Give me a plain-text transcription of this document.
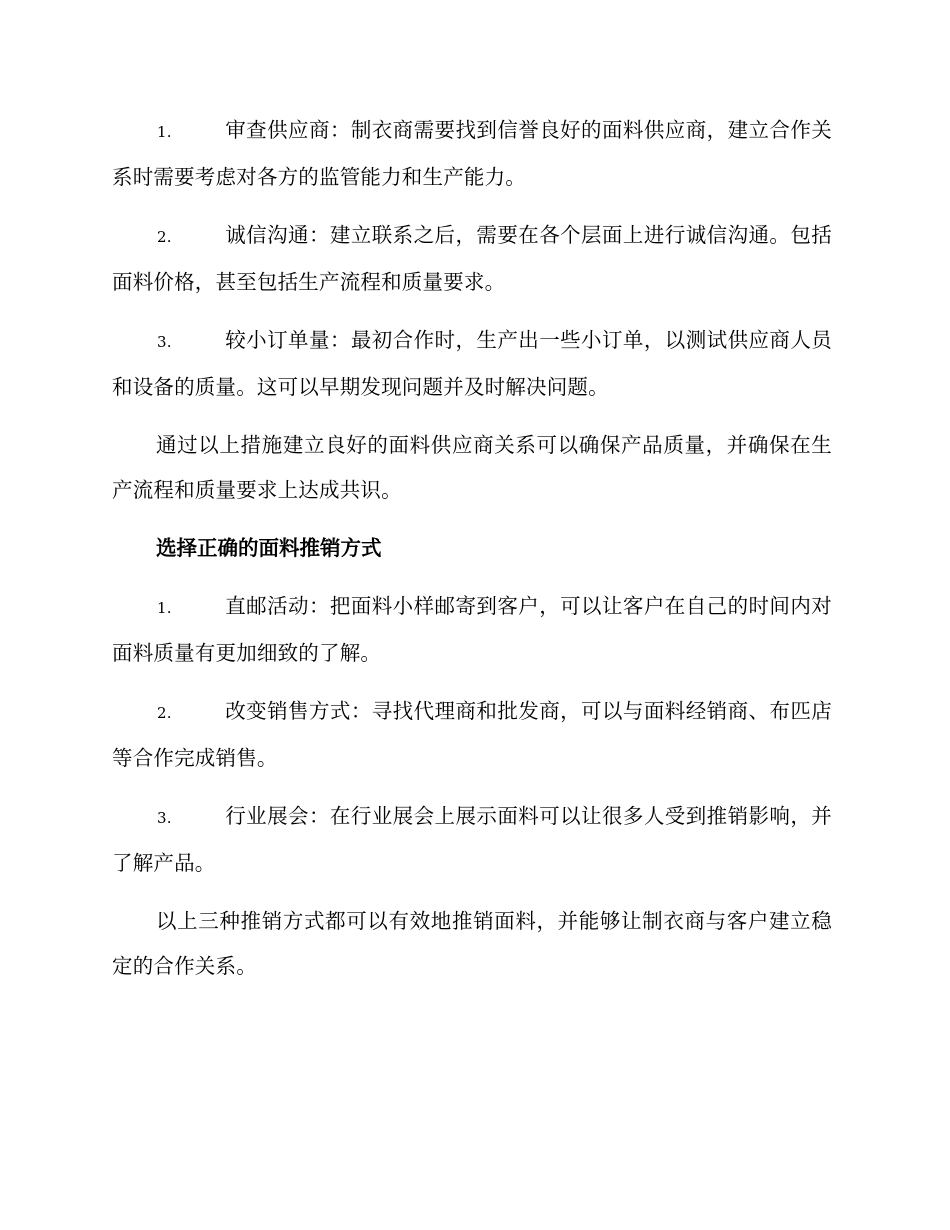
1.	审查供应商：制衣商需要找到信誉良好的面料供应商，建立合作关系时需要考虑对各方的监管能力和生产能力。

2.	诚信沟通：建立联系之后，需要在各个层面上进行诚信沟通。包括面料价格，甚至包括生产流程和质量要求。

3.	较小订单量：最初合作时，生产出一些小订单，以测试供应商人员和设备的质量。这可以早期发现问题并及时解决问题。

通过以上措施建立良好的面料供应商关系可以确保产品质量，并确保在生产流程和质量要求上达成共识。

选择正确的面料推销方式

1.	直邮活动：把面料小样邮寄到客户，可以让客户在自己的时间内对面料质量有更加细致的了解。

2.	改变销售方式：寻找代理商和批发商，可以与面料经销商、布匹店等合作完成销售。

3.	行业展会：在行业展会上展示面料可以让很多人受到推销影响，并了解产品。

以上三种推销方式都可以有效地推销面料，并能够让制衣商与客户建立稳定的合作关系。
